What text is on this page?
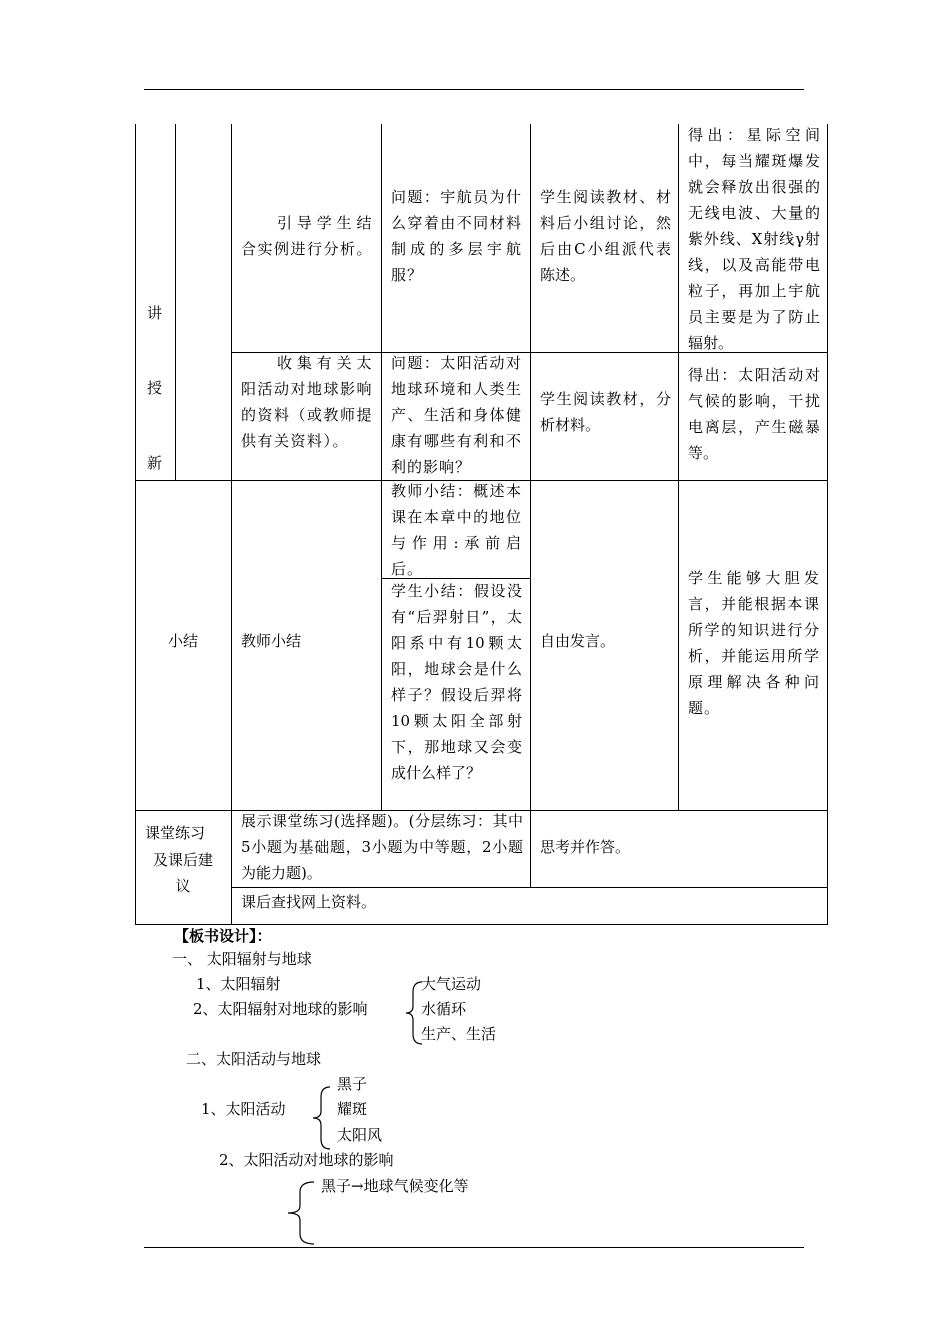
讲
授
新
引导学生结合实例进行分析。
问题：宇航员为什么穿着由不同材料制成的多层宇航服？
学生阅读教材、材料后小组讨论，然后由C小组派代表陈述。
得出：星际空间中，每当耀斑爆发就会释放出很强的无线电波、大量的紫外线、X射线γ射线，以及高能带电粒子，再加上宇航员主要是为了防止辐射。
收集有关太阳活动对地球影响的资料（或教师提供有关资料）。
问题：太阳活动对地球环境和人类生产、生活和身体健康有哪些有利和不利的影响？
学生阅读教材，分析材料。
得出：太阳活动对气候的影响，干扰电离层，产生磁暴等。
小结	教师小结
教师小结：概述本课在本章中的地位与作用:承前启后。
学生小结：假设没有“后羿射日”，太阳系中有10颗太阳，地球会是什么样子？假设后羿将10颗太阳全部射下，那地球又会变成什么样了？
自由发言。
学生能够大胆发言，并能根据本课所学的知识进行分析，并能运用所学原理解决各种问题。
课堂练习
及课后建
议
展示课堂练习(选择题)。(分层练习：其中5小题为基础题，3小题为中等题，2小题为能力题)。
思考并作答。
课后查找网上资料。
【板书设计】：
一、 太阳辐射与地球
1、太阳辐射
2、太阳辐射对地球的影响
大气运动
水循环
生产、生活
二、太阳活动与地球
1、太阳活动
黑子
耀斑
太阳风
2、太阳活动对地球的影响
黑子→地球气候变化等
